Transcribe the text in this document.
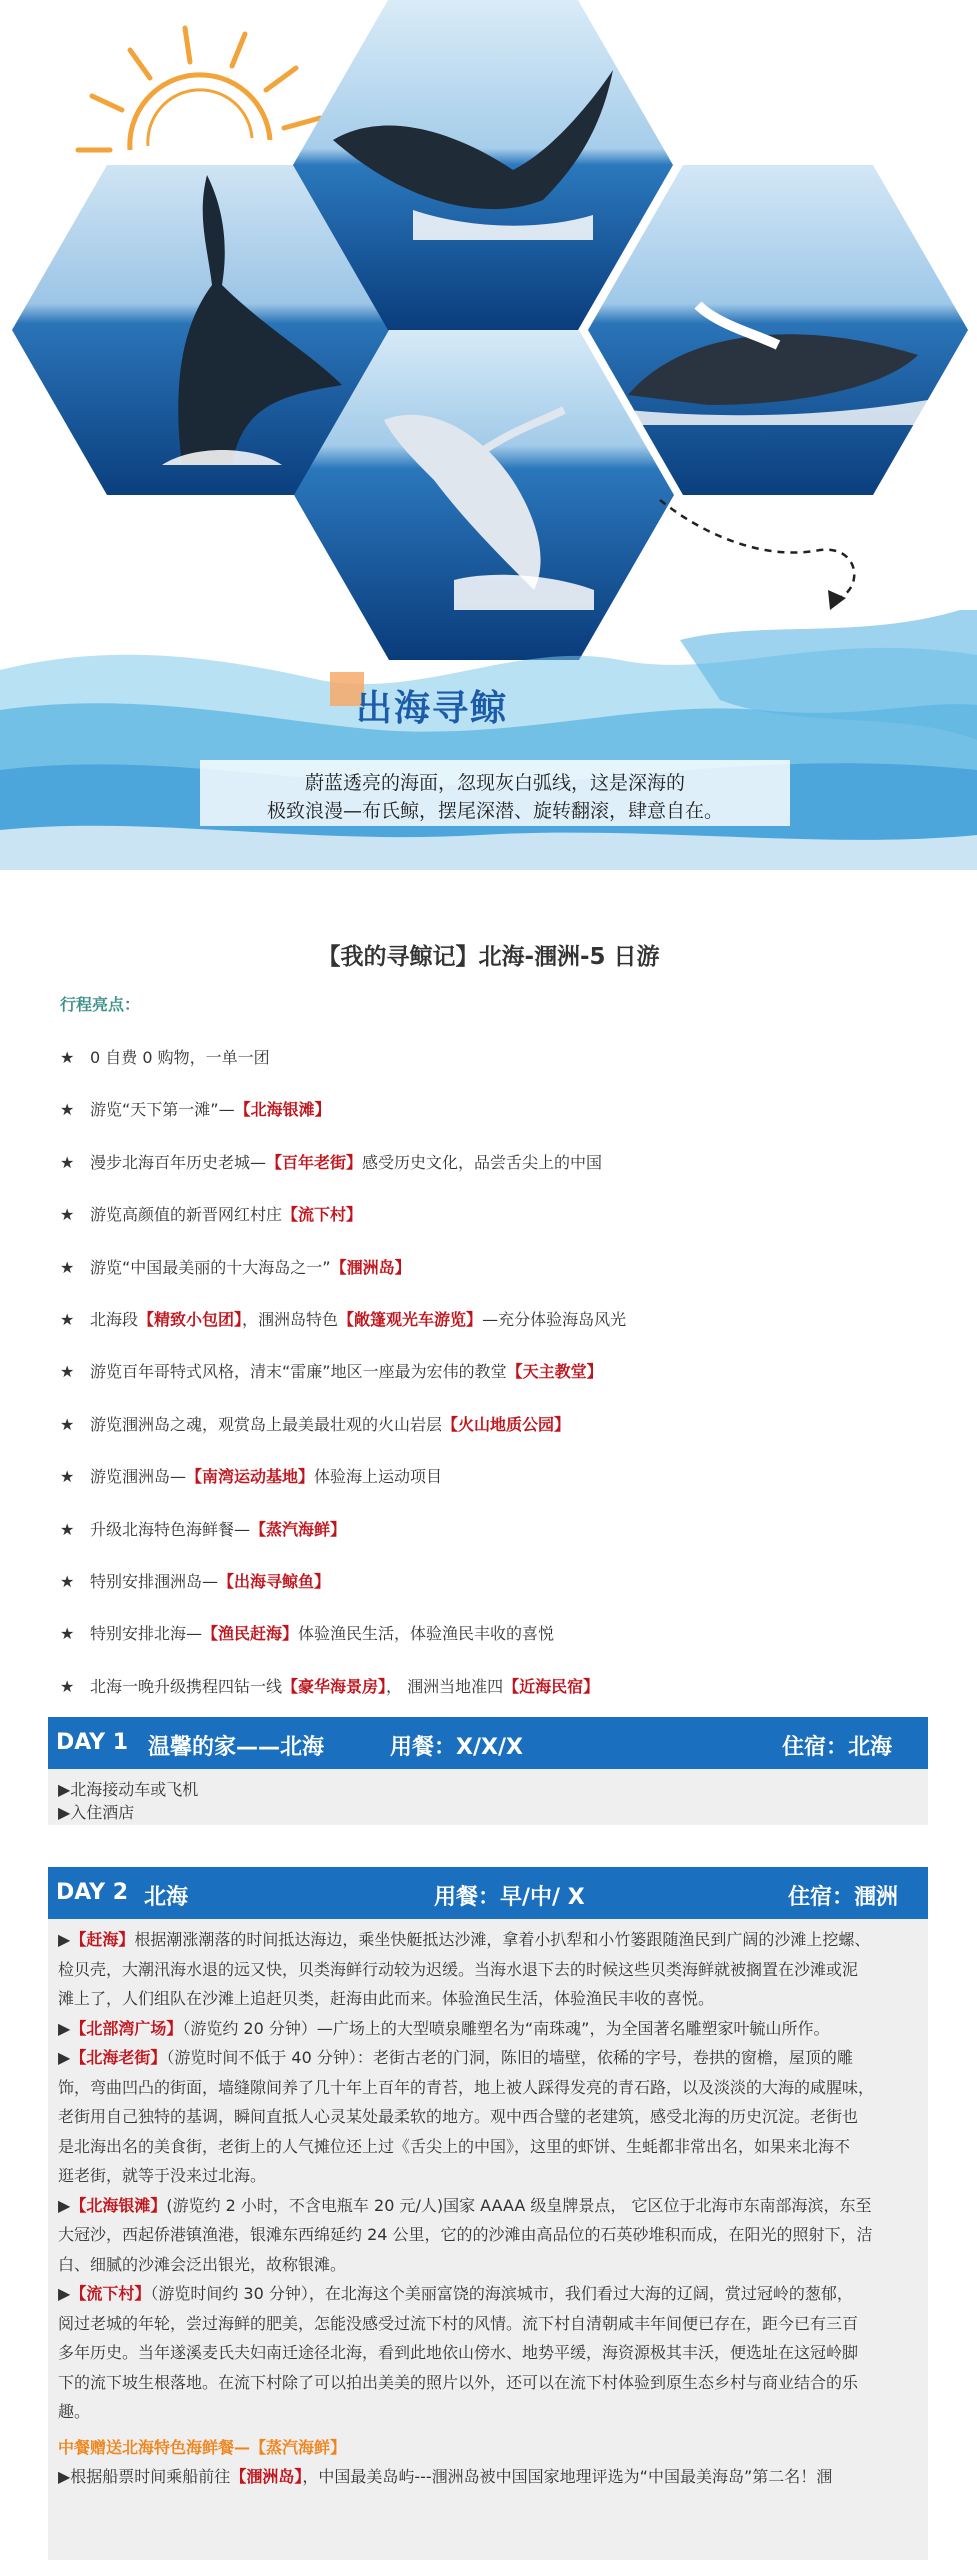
出海寻鲸
蔚蓝透亮的海面，忽现灰白弧线，这是深海的
极致浪漫—布氏鲸，摆尾深潜、旋转翻滚，肆意自在。
【我的寻鲸记】北海-涠洲-5 日游
行程亮点：
★ 0 自费 0 购物，一单一团
★ 游览“天下第一滩”—【北海银滩】
★ 漫步北海百年历史老城—【百年老街】感受历史文化，品尝舌尖上的中国
★ 游览高颜值的新晋网红村庄【流下村】
★ 游览“中国最美丽的十大海岛之一”【涠洲岛】
★ 北海段【精致小包团】，涠洲岛特色【敞篷观光车游览】—充分体验海岛风光
★ 游览百年哥特式风格，清末“雷廉”地区一座最为宏伟的教堂【天主教堂】
★ 游览涠洲岛之魂，观赏岛上最美最壮观的火山岩层【火山地质公园】
★ 游览涠洲岛—【南湾运动基地】体验海上运动项目
★ 升级北海特色海鲜餐—【蒸汽海鲜】
★ 特别安排涠洲岛—【出海寻鲸鱼】
★ 特别安排北海—【渔民赶海】体验渔民生活，体验渔民丰收的喜悦
★ 北海一晚升级携程四钻一线【豪华海景房】， 涠洲当地准四【近海民宿】
DAY 1 温馨的家——北海	用餐：X/X/X	住宿：北海
▶北海接动车或飞机
▶入住酒店
DAY 2 北海	用餐：早/中/ X	住宿：涠洲
▶【赶海】根据潮涨潮落的时间抵达海边，乘坐快艇抵达沙滩，拿着小扒犁和小竹篓跟随渔民到广阔的沙滩上挖螺、
检贝壳，大潮汛海水退的远又快，贝类海鲜行动较为迟缓。当海水退下去的时候这些贝类海鲜就被搁置在沙滩或泥
滩上了，人们组队在沙滩上追赶贝类，赶海由此而来。体验渔民生活，体验渔民丰收的喜悦。
▶【北部湾广场】（游览约 20 分钟）—广场上的大型喷泉雕塑名为“南珠魂”，为全国著名雕塑家叶毓山所作。
▶【北海老街】（游览时间不低于 40 分钟）：老街古老的门洞，陈旧的墙壁，依稀的字号，卷拱的窗檐，屋顶的雕
饰，弯曲凹凸的街面，墙缝隙间养了几十年上百年的青苔，地上被人踩得发亮的青石路，以及淡淡的大海的咸腥味，
老街用自己独特的基调，瞬间直抵人心灵某处最柔软的地方。观中西合璧的老建筑，感受北海的历史沉淀。老街也
是北海出名的美食街，老街上的人气摊位还上过《舌尖上的中国》，这里的虾饼、生蚝都非常出名，如果来北海不
逛老街，就等于没来过北海。
▶【北海银滩】(游览约 2 小时，不含电瓶车 20 元/人)国家 AAAA 级皇牌景点， 它区位于北海市东南部海滨，东至
大冠沙，西起侨港镇渔港，银滩东西绵延约 24 公里，它的的沙滩由高品位的石英砂堆积而成，在阳光的照射下，洁
白、细腻的沙滩会泛出银光，故称银滩。
▶【流下村】（游览时间约 30 分钟），在北海这个美丽富饶的海滨城市，我们看过大海的辽阔，赏过冠岭的葱郁，
阅过老城的年轮，尝过海鲜的肥美，怎能没感受过流下村的风情。流下村自清朝咸丰年间便已存在，距今已有三百
多年历史。当年遂溪麦氏夫妇南迁途径北海，看到此地依山傍水、地势平缓，海资源极其丰沃，便选址在这冠岭脚
下的流下坡生根落地。在流下村除了可以拍出美美的照片以外，还可以在流下村体验到原生态乡村与商业结合的乐
趣。
中餐赠送北海特色海鲜餐—【蒸汽海鲜】
▶根据船票时间乘船前往【涠洲岛】，中国最美岛屿---涠洲岛被中国国家地理评选为“中国最美海岛”第二名！涠
